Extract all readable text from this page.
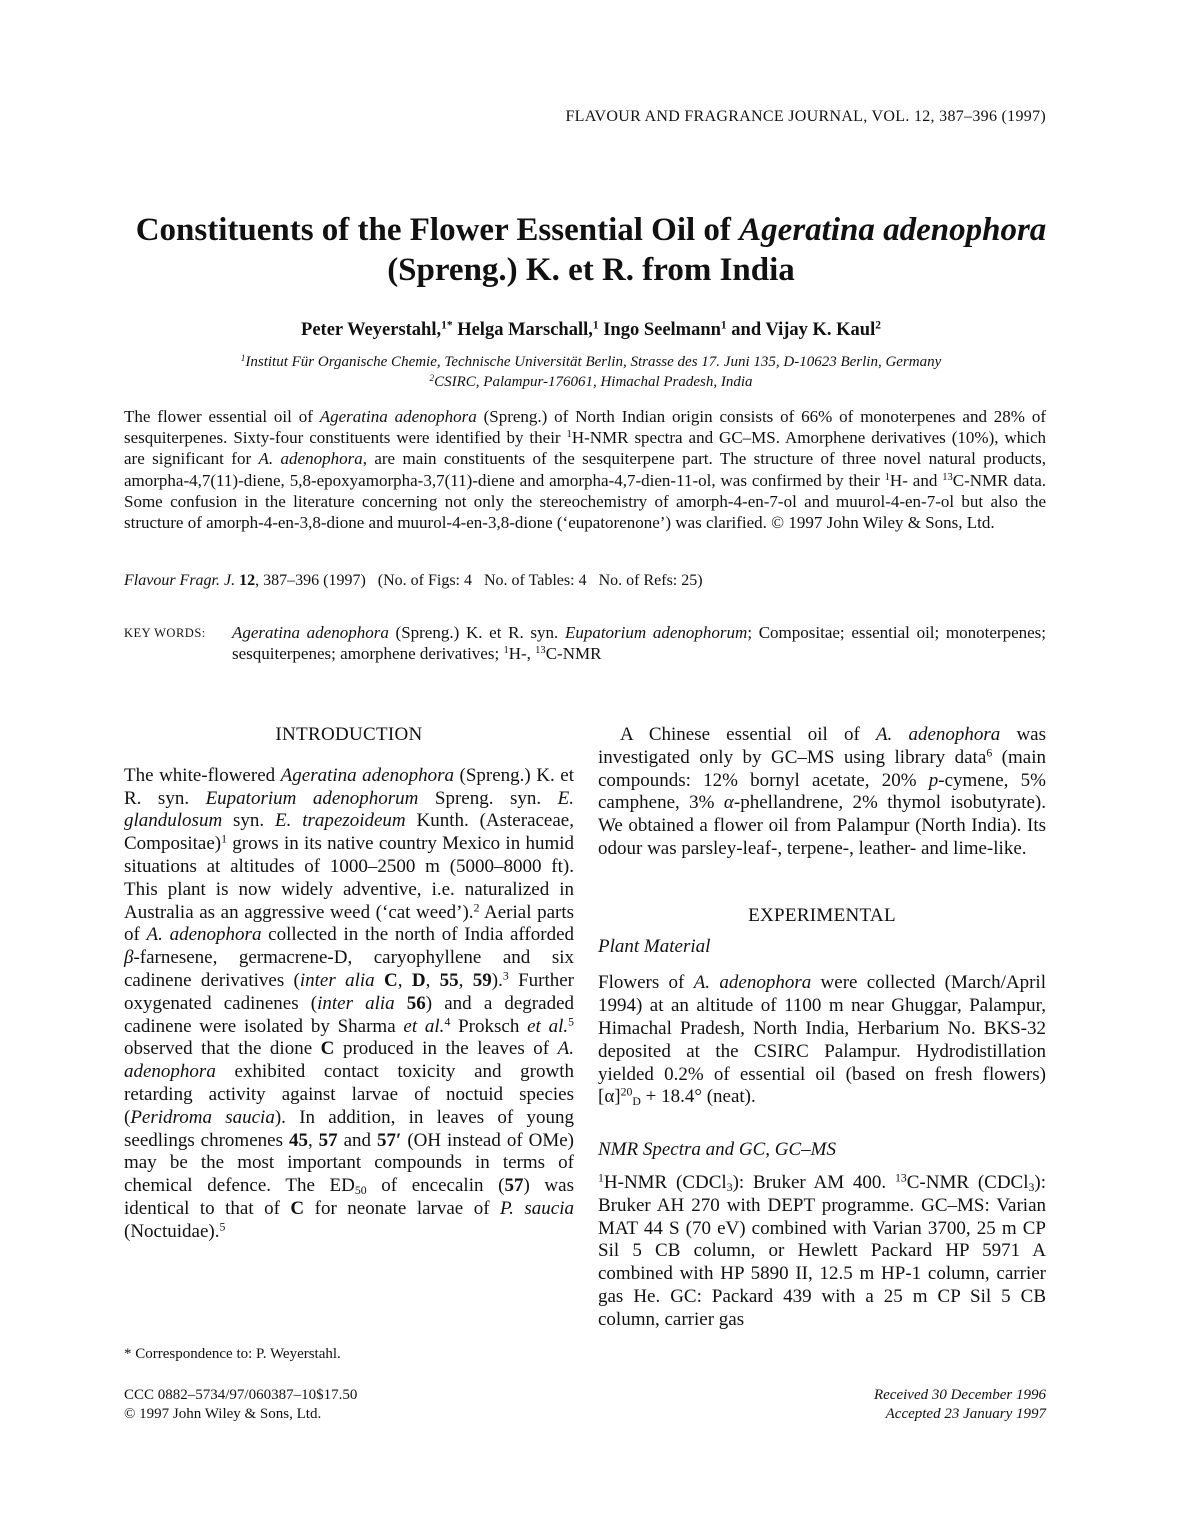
FLAVOUR AND FRAGRANCE JOURNAL, VOL. 12, 387–396 (1997)
Constituents of the Flower Essential Oil of Ageratina adenophora
(Spreng.) K. et R. from India
Peter Weyerstahl,$^{1*}$ Helga Marschall,$^1$ Ingo Seelmann$^1$ and Vijay K. Kaul$^2$
$^1$Institut Für Organische Chemie, Technische Universität Berlin, Strasse des 17. Juni 135, D-10623 Berlin, Germany
$^2$CSIRC, Palampur-176061, Himachal Pradesh, India
The flower essential oil of Ageratina adenophora (Spreng.) of North Indian origin consists of 66% of monoterpenes and 28% of sesquiterpenes. Sixty-four constituents were identified by their $^1$H-NMR spectra and GC–MS. Amorphene derivatives (10%), which are significant for A. adenophora, are main constituents of the sesquiterpene part. The structure of three novel natural products, amorpha-4,7(11)-diene, 5,8-epoxyamorpha-3,7(11)-diene and amorpha-4,7-dien-11-ol, was confirmed by their $^1$H- and $^{13}$C-NMR data. Some confusion in the literature concerning not only the stereochemistry of amorph-4-en-7-ol and muurol-4-en-7-ol but also the structure of amorph-4-en-3,8-dione and muurol-4-en-3,8-dione (‘eupatorenone’) was clarified. © 1997 John Wiley & Sons, Ltd.
Flavour Fragr. J. 12, 387–396 (1997) (No. of Figs: 4 No. of Tables: 4 No. of Refs: 25)
KEY WORDS: Ageratina adenophora (Spreng.) K. et R. syn. Eupatorium adenophorum; Compositae; essential oil; monoterpenes; sesquiterpenes; amorphene derivatives; $^1$H-, $^{13}$C-NMR
INTRODUCTION

The white-flowered Ageratina adenophora (Spreng.) K. et R. syn. Eupatorium adenophorum Spreng. syn. E. glandulosum syn. E. trapezoideum Kunth. (Asteraceae, Compositae)$^1$ grows in its native country Mexico in humid situations at altitudes of 1000–2500 m (5000–8000 ft). This plant is now widely adventive, i.e. naturalized in Australia as an aggressive weed (‘cat weed’).$^2$ Aerial parts of A. adenophora collected in the north of India afforded β-farnesene, germacrene-D, caryophyllene and six cadinene derivatives (inter alia C, D, 55, 59).$^3$ Further oxygenated cadinenes (inter alia 56) and a degraded cadinene were isolated by Sharma et al.$^4$ Proksch et al.$^5$ observed that the dione C produced in the leaves of A. adenophora exhibited contact toxicity and growth retarding activity against larvae of noctuid species (Peridroma saucia). In addition, in leaves of young seedlings chromenes 45, 57 and 57′ (OH instead of OMe) may be the most important compounds in terms of chemical defence. The $ED_{50}$ of encecalin (57) was identical to that of C for neonate larvae of P. saucia (Noctuidae).$^5$

A Chinese essential oil of A. adenophora was investigated only by GC–MS using library data$^6$ (main compounds: 12% bornyl acetate, 20% p-cymene, 5% camphene, 3% α-phellandrene, 2% thymol isobutyrate). We obtained a flower oil from Palampur (North India). Its odour was parsley-leaf-, terpene-, leather- and lime-like.

EXPERIMENTAL
Plant Material

Flowers of A. adenophora were collected (March/April 1994) at an altitude of 1100 m near Ghuggar, Palampur, Himachal Pradesh, North India, Herbarium No. BKS-32 deposited at the CSIRC Palampur. Hydrodistillation yielded 0.2% of essential oil (based on fresh flowers) $[\alpha]^{20}_D + 18.4^\circ$ (neat).

NMR Spectra and GC, GC–MS

$^1$H-NMR (CDCl$_3$): Bruker AM 400. $^{13}$C-NMR (CDCl$_3$): Bruker AH 270 with DEPT programme. GC–MS: Varian MAT 44 S (70 eV) combined with Varian 3700, 25 m CP Sil 5 CB column, or Hewlett Packard HP 5971 A combined with HP 5890 II, 12.5 m HP-1 column, carrier gas He. GC: Packard 439 with a 25 m CP Sil 5 CB column, carrier gas

* Correspondence to: P. Weyerstahl.
CCC 0882–5734/97/060387–10$17.50
© 1997 John Wiley & Sons, Ltd.
Received 30 December 1996
Accepted 23 January 1997
